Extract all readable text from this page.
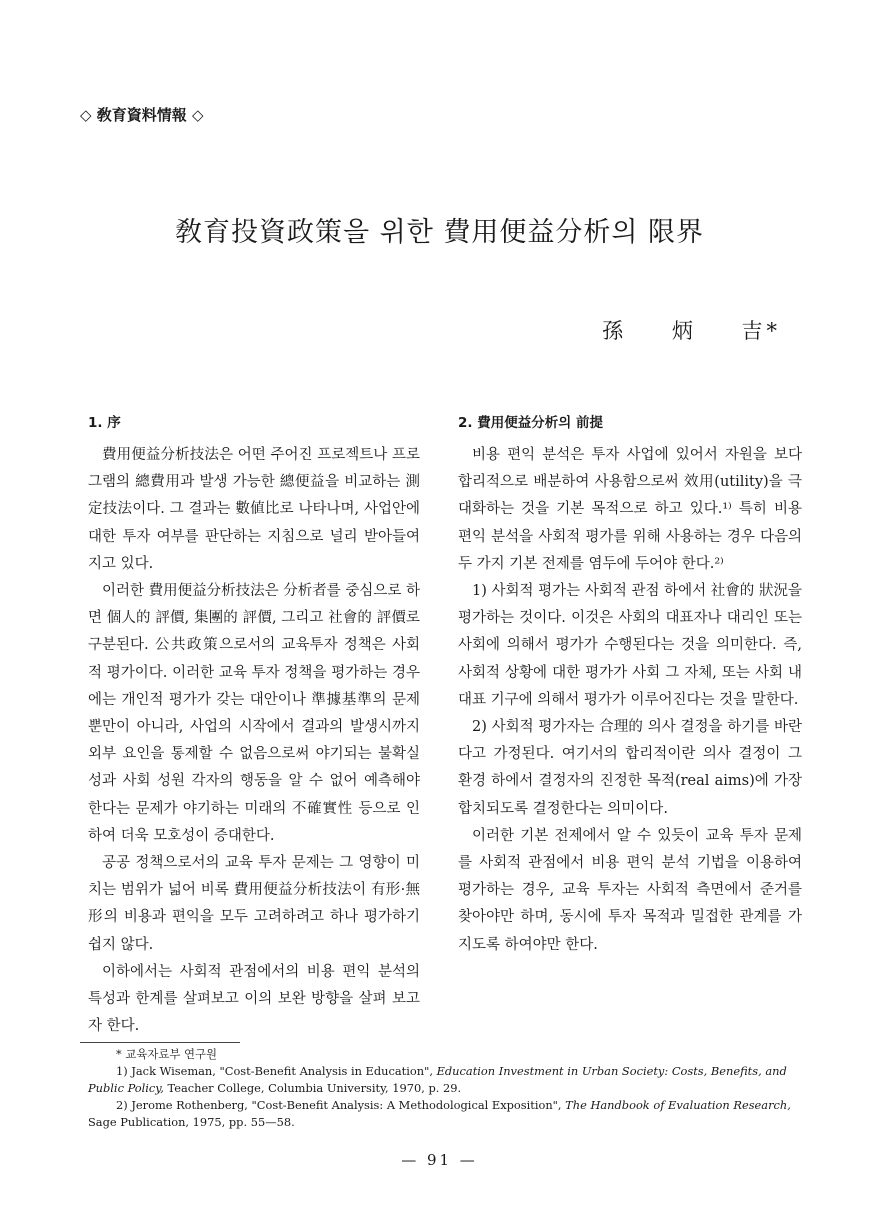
◇ 敎育資料情報 ◇
敎育投資政策을 위한 費用便益分析의 限界
孫 炳 吉*
1. 序

費用便益分析技法은 어떤 주어진 프로젝트나 프로그램의 總費用과 발생 가능한 總便益을 비교하는 測定技法이다. 그 결과는 數値比로 나타나며, 사업안에 대한 투자 여부를 판단하는 지침으로 널리 받아들여지고 있다.

이러한 費用便益分析技法은 分析者를 중심으로 하면 個人的 評價, 集團的 評價, 그리고 社會的 評價로 구분된다. 公共政策으로서의 교육투자 정책은 사회적 평가이다. 이러한 교육 투자 정책을 평가하는 경우에는 개인적 평가가 갖는 대안이나 準據基準의 문제 뿐만이 아니라, 사업의 시작에서 결과의 발생시까지 외부 요인을 통제할 수 없음으로써 야기되는 불확실성과 사회 성원 각자의 행동을 알 수 없어 예측해야 한다는 문제가 야기하는 미래의 不確實性 등으로 인하여 더욱 모호성이 증대한다.

공공 정책으로서의 교육 투자 문제는 그 영향이 미치는 범위가 넓어 비록 費用便益分析技法이 有形·無形의 비용과 편익을 모두 고려하려고 하나 평가하기 쉽지 않다.

이하에서는 사회적 관점에서의 비용 편익 분석의 특성과 한계를 살펴보고 이의 보완 방향을 살펴 보고자 한다.

2. 費用便益分析의 前提

비용 편익 분석은 투자 사업에 있어서 자원을 보다 합리적으로 배분하여 사용함으로써 效用(utility)을 극대화하는 것을 기본 목적으로 하고 있다.¹⁾ 특히 비용 편익 분석을 사회적 평가를 위해 사용하는 경우 다음의 두 가지 기본 전제를 염두에 두어야 한다.²⁾

1) 사회적 평가는 사회적 관점 하에서 社會的 狀況을 평가하는 것이다. 이것은 사회의 대표자나 대리인 또는 사회에 의해서 평가가 수행된다는 것을 의미한다. 즉, 사회적 상황에 대한 평가가 사회 그 자체, 또는 사회 내 대표 기구에 의해서 평가가 이루어진다는 것을 말한다.

2) 사회적 평가자는 合理的 의사 결정을 하기를 바란다고 가정된다. 여기서의 합리적이란 의사 결정이 그 환경 하에서 결정자의 진정한 목적(real aims)에 가장 합치되도록 결정한다는 의미이다.

이러한 기본 전제에서 알 수 있듯이 교육 투자 문제를 사회적 관점에서 비용 편익 분석 기법을 이용하여 평가하는 경우, 교육 투자는 사회적 측면에서 준거를 찾아야만 하며, 동시에 투자 목적과 밀접한 관계를 가지도록 하여야만 한다.

* 교육자료부 연구원

1) Jack Wiseman, "Cost-Benefit Analysis in Education", Education Investment in Urban Society: Costs, Benefits, and Public Policy, Teacher College, Columbia University, 1970, p. 29.

2) Jerome Rothenberg, "Cost-Benefit Analysis: A Methodological Exposition", The Handbook of Evaluation Research, Sage Publication, 1975, pp. 55—58.

— 91 —
